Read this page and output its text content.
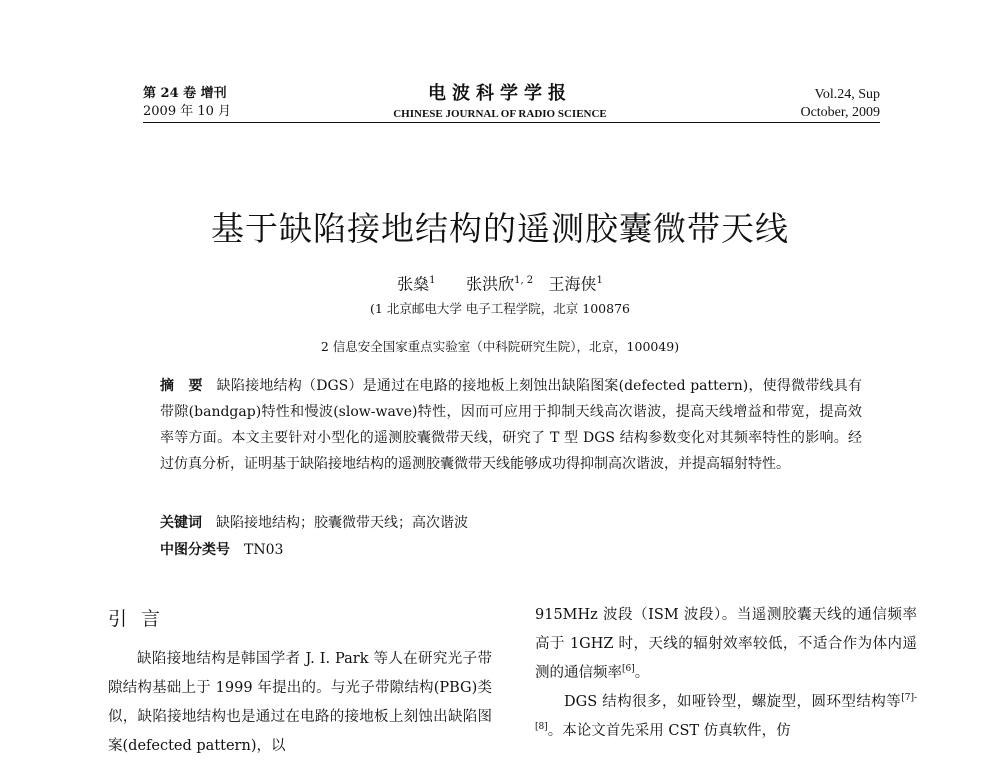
第 24 卷 增刊
2009 年 10 月
电波科学学报
CHINESE JOURNAL OF RADIO SCIENCE
Vol.24, Sup
October, 2009
基于缺陷接地结构的遥测胶囊微带天线
张燊$^1$ 张洪欣$^{1, 2}$ 王海侠$^1$
(1 北京邮电大学 电子工程学院，北京 100876
2 信息安全国家重点实验室（中科院研究生院），北京，100049)
摘　要 缺陷接地结构（DGS）是通过在电路的接地板上刻蚀出缺陷图案(defected pattern)，使得微带线具有带隙(bandgap)特性和慢波(slow-wave)特性，因而可应用于抑制天线高次谐波，提高天线增益和带宽，提高效率等方面。本文主要针对小型化的遥测胶囊微带天线，研究了 T 型 DGS 结构参数变化对其频率特性的影响。经过仿真分析，证明基于缺陷接地结构的遥测胶囊微带天线能够成功得抑制高次谐波，并提高辐射特性。
关键词 缺陷接地结构；胶囊微带天线；高次谐波
中图分类号 TN03
引言

缺陷接地结构是韩国学者 J. I. Park 等人在研究光子带隙结构基础上于 1999 年提出的。与光子带隙结构(PBG)类似，缺陷接地结构也是通过在电路的接地板上刻蚀出缺陷图案(defected pattern)，以

915MHz 波段（ISM 波段）。当遥测胶囊天线的通信频率高于 1GHZ 时，天线的辐射效率较低，不适合作为体内遥测的通信频率[6]。

DGS 结构很多，如哑铃型，螺旋型，圆环型结构等[7]- [8]。本论文首先采用 CST 仿真软件，仿
